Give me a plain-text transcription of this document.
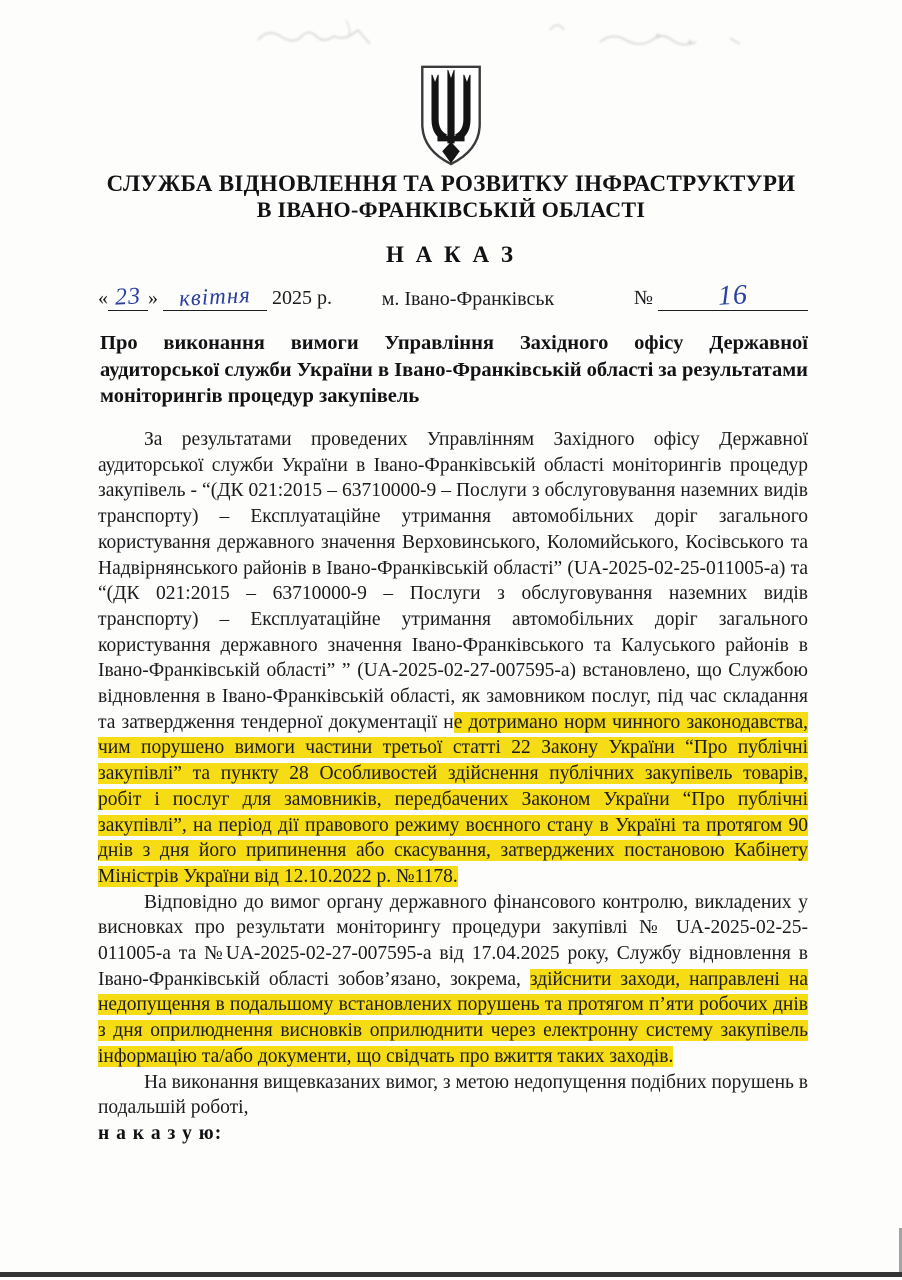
СЛУЖБА ВІДНОВЛЕННЯ ТА РОЗВИТКУ ІНФРАСТРУКТУРИ
В ІВАНО-ФРАНКІВСЬКІЙ ОБЛАСТІ
Н А К А З
« 23 » квітня 2025 р.	м. Івано-Франківськ	№ 16
Про виконання вимоги Управління Західного офісу Державної аудиторської служби України в Івано-Франківській області за результатами моніторингів процедур закупівель

За результатами проведених Управлінням Західного офісу Державної аудиторської служби України в Івано-Франківській області моніторингів процедур закупівель - “(ДК 021:2015 – 63710000-9 – Послуги з обслуговування наземних видів транспорту) – Експлуатаційне утримання автомобільних доріг загального користування державного значення Верховинського, Коломийського, Косівського та Надвірнянського районів в Івано-Франківській області” (UA-2025-02-25-011005-а) та “(ДК 021:2015 – 63710000-9 – Послуги з обслуговування наземних видів транспорту) – Експлуатаційне утримання автомобільних доріг загального користування державного значення Івано-Франківського та Калуського районів в Івано-Франківській області” ” (UA-2025-02-27-007595-а) встановлено, що Службою відновлення в Івано-Франківській області, як замовником послуг, під час складання та затвердження тендерної документації не дотримано норм чинного законодавства, чим порушено вимоги частини третьої статті 22 Закону України “Про публічні закупівлі” та пункту 28 Особливостей здійснення публічних закупівель товарів, робіт і послуг для замовників, передбачених Законом України “Про публічні закупівлі”, на період дії правового режиму воєнного стану в Україні та протягом 90 днів з дня його припинення або скасування, затверджених постановою Кабінету Міністрів України від 12.10.2022 р. №1178.

Відповідно до вимог органу державного фінансового контролю, викладених у висновках про результати моніторингу процедури закупівлі № UA-2025-02-25-011005-а та №UA-2025-02-27-007595-а від 17.04.2025 року, Службу відновлення в Івано-Франківській області зобов’язано, зокрема, здійснити заходи, направлені на недопущення в подальшому встановлених порушень та протягом п’яти робочих днів з дня оприлюднення висновків оприлюднити через електронну систему закупівель інформацію та/або документи, що свідчать про вжиття таких заходів.

На виконання вищевказаних вимог, з метою недопущення подібних порушень в подальшій роботі,

н а к а з у ю:
